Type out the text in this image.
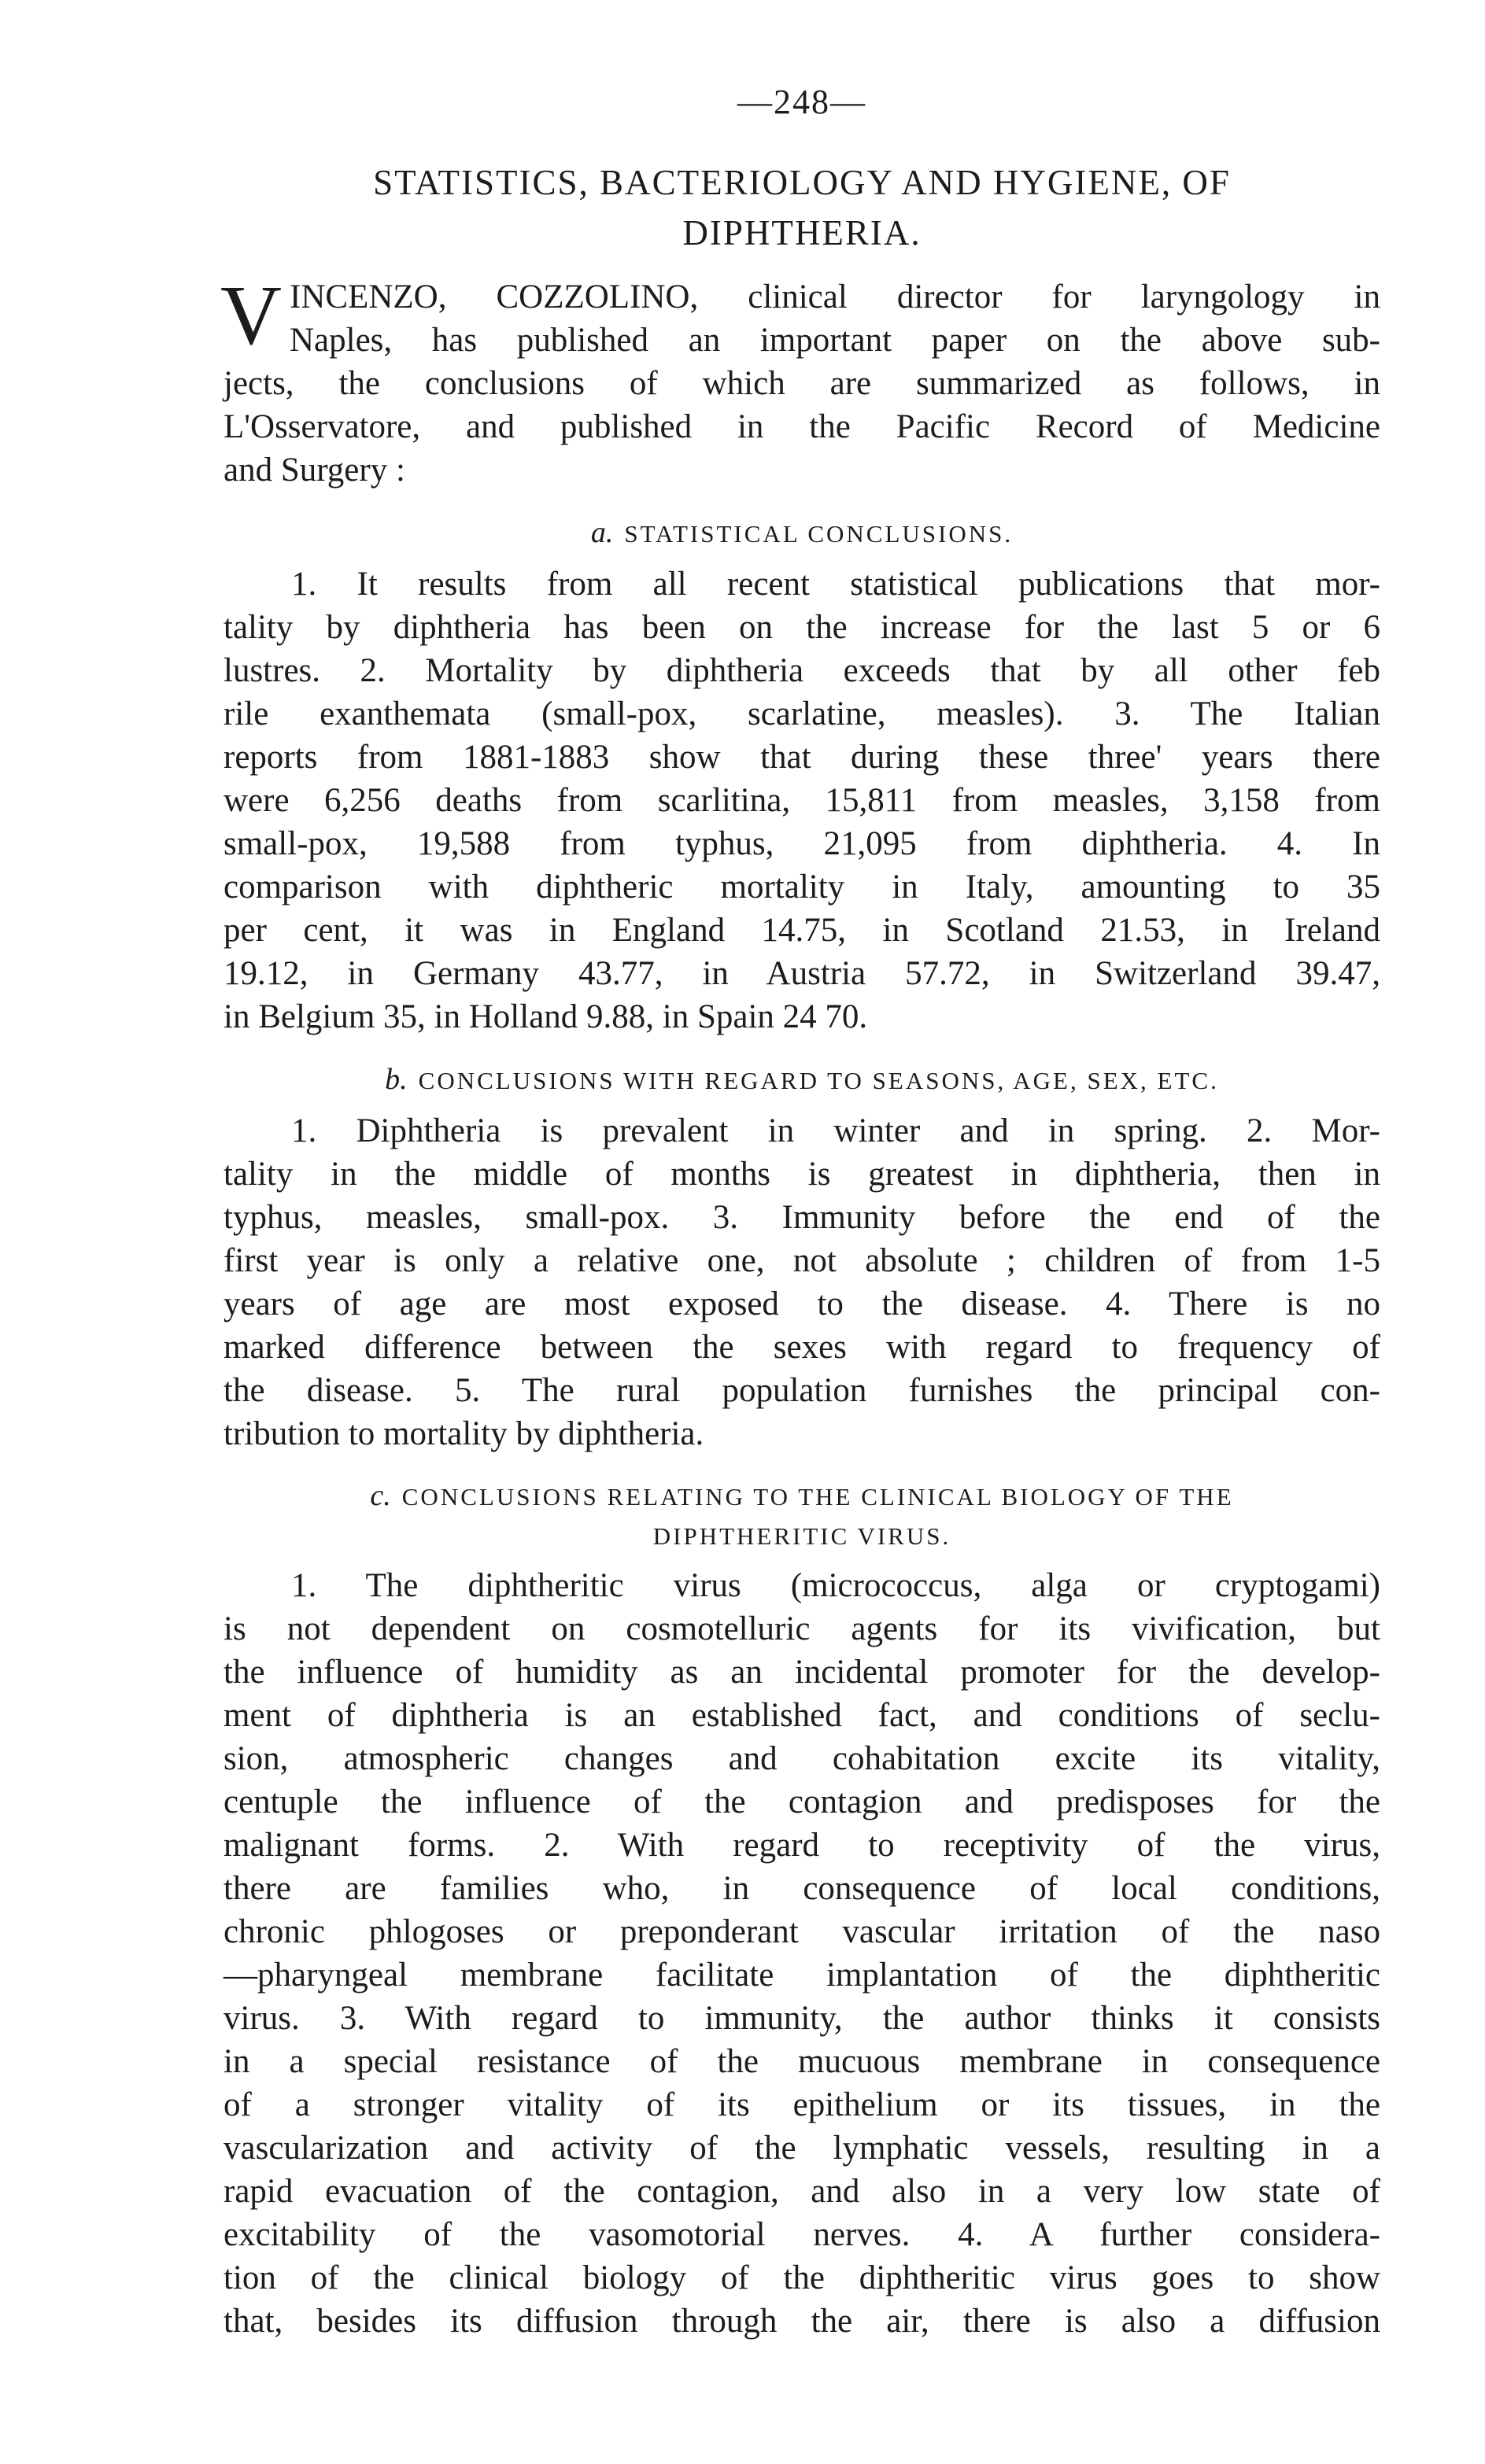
—248—
STATISTICS, BACTERIOLOGY AND HYGIENE, OF
DIPHTHERIA.
V INCENZO, COZZOLINO, clinical director for laryngology in
Naples, has published an important paper on the above sub-
jects, the conclusions of which are summarized as follows, in
L'Osservatore, and published in the Pacific Record of Medicine
and Surgery :
a. STATISTICAL CONCLUSIONS.
1. It results from all recent statistical publications that mor-
tality by diphtheria has been on the increase for the last 5 or 6
lustres. 2. Mortality by diphtheria exceeds that by all other feb
rile exanthemata (small-pox, scarlatine, measles). 3. The Italian
reports from 1881-1883 show that during these three' years there
were 6,256 deaths from scarlitina, 15,811 from measles, 3,158 from
small-pox, 19,588 from typhus, 21,095 from diphtheria. 4. In
comparison with diphtheric mortality in Italy, amounting to 35
per cent, it was in England 14.75, in Scotland 21.53, in Ireland
19.12, in Germany 43.77, in Austria 57.72, in Switzerland 39.47,
in Belgium 35, in Holland 9.88, in Spain 24 70.
b. CONCLUSIONS WITH REGARD TO SEASONS, AGE, SEX, ETC.
1. Diphtheria is prevalent in winter and in spring. 2. Mor-
tality in the middle of months is greatest in diphtheria, then in
typhus, measles, small-pox. 3. Immunity before the end of the
first year is only a relative one, not absolute ; children of from 1-5
years of age are most exposed to the disease. 4. There is no
marked difference between the sexes with regard to frequency of
the disease. 5. The rural population furnishes the principal con-
tribution to mortality by diphtheria.
c. CONCLUSIONS RELATING TO THE CLINICAL BIOLOGY OF THE
DIPHTHERITIC VIRUS.
1. The diphtheritic virus (micrococcus, alga or cryptogami)
is not dependent on cosmotelluric agents for its vivification, but
the influence of humidity as an incidental promoter for the develop-
ment of diphtheria is an established fact, and conditions of seclu-
sion, atmospheric changes and cohabitation excite its vitality,
centuple the influence of the contagion and predisposes for the
malignant forms. 2. With regard to receptivity of the virus,
there are families who, in consequence of local conditions,
chronic phlogoses or preponderant vascular irritation of the naso
—pharyngeal membrane facilitate implantation of the diphtheritic
virus. 3. With regard to immunity, the author thinks it consists
in a special resistance of the mucuous membrane in consequence
of a stronger vitality of its epithelium or its tissues, in the
vascularization and activity of the lymphatic vessels, resulting in a
rapid evacuation of the contagion, and also in a very low state of
excitability of the vasomotorial nerves. 4. A further considera-
tion of the clinical biology of the diphtheritic virus goes to show
that, besides its diffusion through the air, there is also a diffusion
